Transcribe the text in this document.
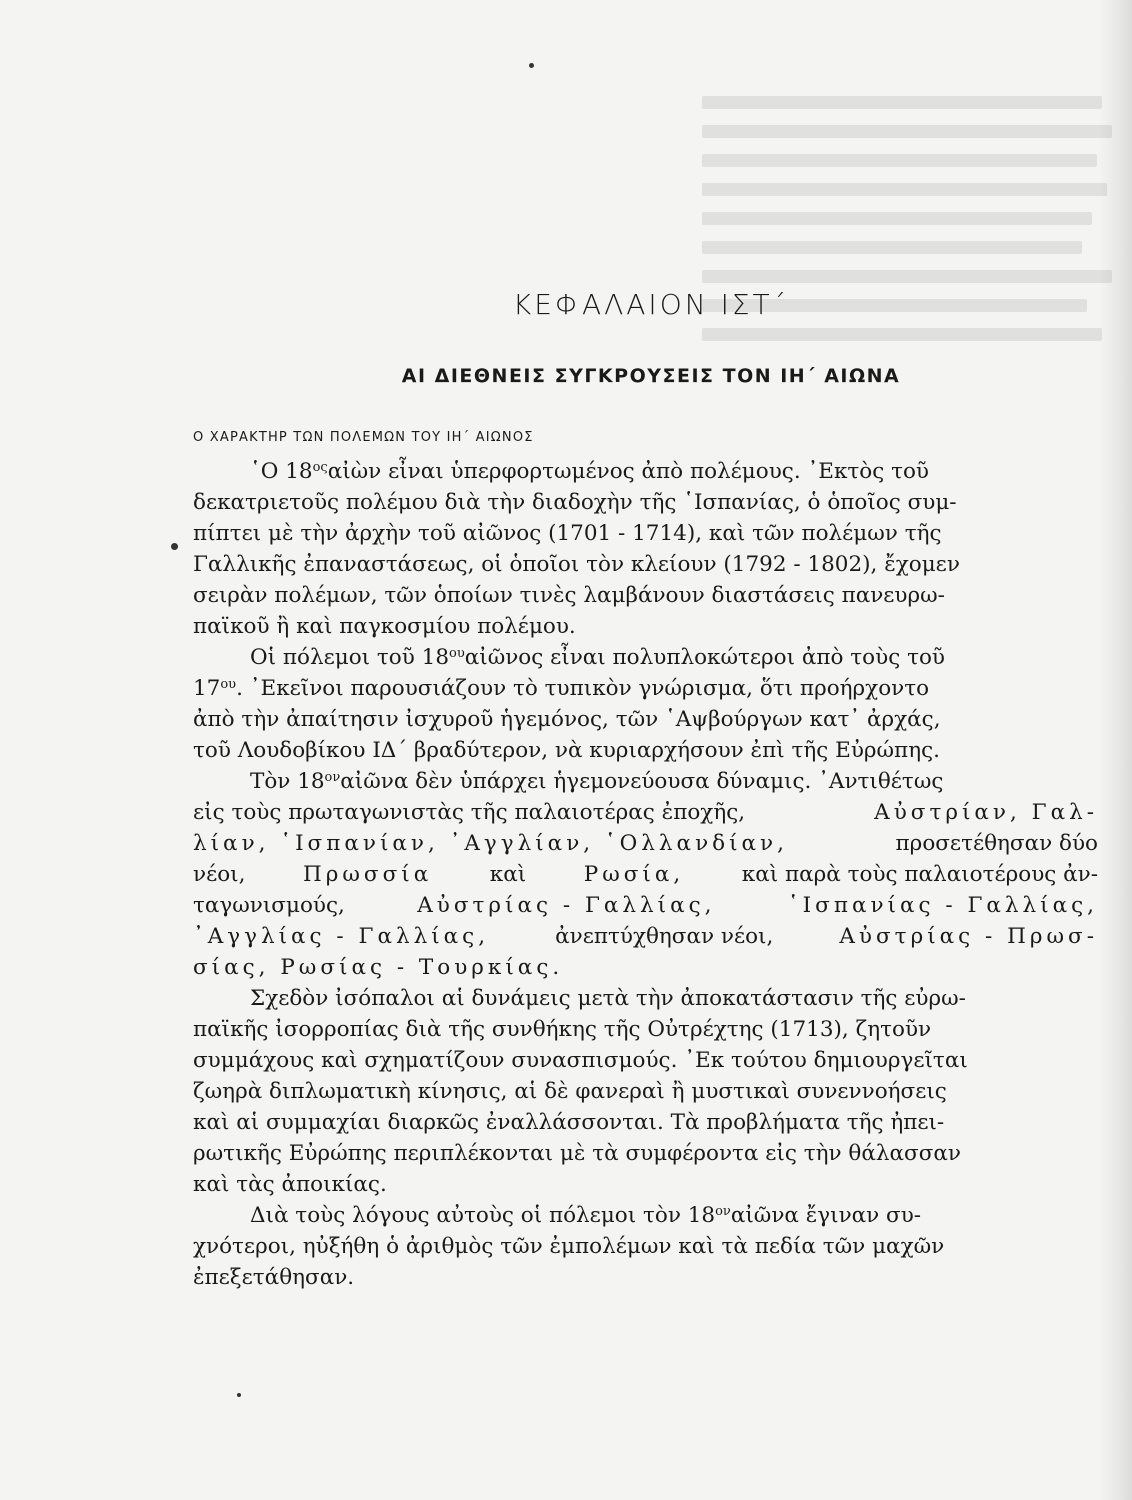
ΚΕΦΑΛΑΙΟΝ ΙΣΤ΄
ΑΙ ΔΙΕΘΝΕΙΣ ΣΥΓΚΡΟΥΣΕΙΣ ΤΟΝ ΙΗ΄ ΑΙΩΝΑ
Ο ΧΑΡΑΚΤΗΡ ΤΩΝ ΠΟΛΕΜΩΝ ΤΟΥ ΙΗ΄ ΑΙΩΝΟΣ
῾Ο $18^{o\varsigma}\alpha ἰὼ\nu$ εἶναι ὑπερφορτωμένος ἀπὸ πολέμους. ᾿Εκτὸς τοῦ
δεκατριετοῦς πολέμου διὰ τὴν διαδοχὴν τῆς ῾Ισπανίας, ὁ ὁποῖος συμ-
πίπτει μὲ τὴν ἀρχὴν τοῦ αἰῶνος (1701 - 1714), καὶ τῶν πολέμων τῆς
Γαλλικῆς ἐπαναστάσεως, οἱ ὁποῖοι τὸν κλείουν (1792 - 1802), ἔχομεν
σειρὰν πολέμων, τῶν ὁποίων τινὲς λαμβάνουν διαστάσεις πανευρω-
παϊκοῦ ἢ καὶ παγκοσμίου πολέμου.
Οἱ πόλεμοι τοῦ $18^{o\upsilon}\alpha ἰῶ\nu o\varsigma$ εἶναι πολυπλοκώτεροι ἀπὸ τοὺς τοῦ
$17^{o\upsilon}$. ᾿Εκεῖνοι παρουσιάζουν τὸ τυπικὸν γνώρισμα, ὅτι προήρχοντο
ἀπὸ τὴν ἀπαίτησιν ἰσχυροῦ ἡγεμόνος, τῶν ῾Αψβούργων κατ᾿ ἀρχάς,
τοῦ Λουδοβίκου ΙΔ΄ βραδύτερον, νὰ κυριαρχήσουν ἐπὶ τῆς Εὐρώπης.
Τὸν $18^{o\nu}\alpha ἰῶ\nu\alpha$ δὲν ὑπάρχει ἡγεμονεύουσα δύναμις. ᾿Αντιθέτως
εἰς τοὺς πρωταγωνιστὰς τῆς παλαιοτέρας ἐποχῆς,	Αὐστρίαν, Γαλ-
λίαν, ῾Ισπανίαν, ᾿Αγγλίαν, ῾Ολλανδίαν,	προσετέθησαν δύο
νέοι,	Πρωσσία	καὶ	Ρωσία,	καὶ παρὰ τοὺς παλαιοτέρους ἀν-
ταγωνισμούς,	Αὐστρίας - Γαλλίας,	῾Ισπανίας - Γαλλίας,
᾿Αγγλίας - Γαλλίας,	ἀνεπτύχθησαν νέοι,	Αὐστρίας - Πρωσ-
σίας, Ρωσίας - Τουρκίας.
Σχεδὸν ἰσόπαλοι αἱ δυνάμεις μετὰ τὴν ἀποκατάστασιν τῆς εὐρω-
παϊκῆς ἰσορροπίας διὰ τῆς συνθήκης τῆς Οὐτρέχτης (1713), ζητοῦν
συμμάχους καὶ σχηματίζουν συνασπισμούς. ᾿Εκ τούτου δημιουργεῖται
ζωηρὰ διπλωματικὴ κίνησις, αἱ δὲ φανεραὶ ἢ μυστικαὶ συνεννοήσεις
καὶ αἱ συμμαχίαι διαρκῶς ἐναλλάσσονται. Τὰ προβλήματα τῆς ἠπει-
ρωτικῆς Εὐρώπης περιπλέκονται μὲ τὰ συμφέροντα εἰς τὴν θάλασσαν
καὶ τὰς ἀποικίας.
Διὰ τοὺς λόγους αὐτοὺς οἱ πόλεμοι τὸν $18^{o\nu}\alpha ἰῶ\nu\alpha$ ἔγιναν συ-
χνότεροι, ηὐξήθη ὁ ἀριθμὸς τῶν ἐμπολέμων καὶ τὰ πεδία τῶν μαχῶν
ἐπεξετάθησαν.
